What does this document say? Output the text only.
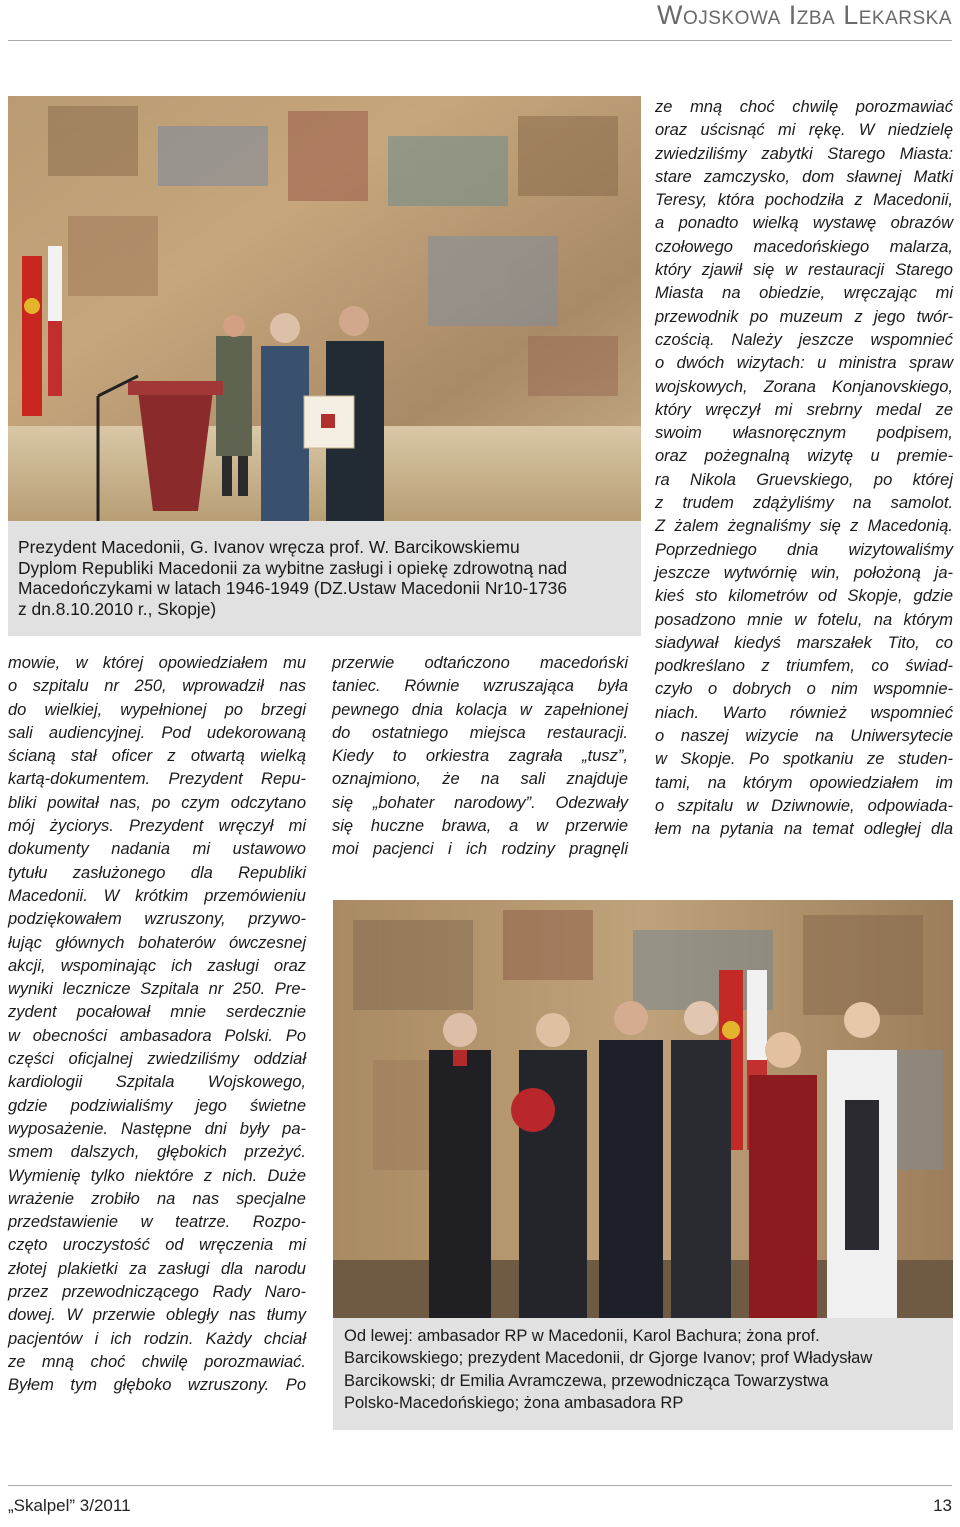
Wojskowa Izba Lekarska
Prezydent Macedonii, G. Ivanov wręcza prof. W. Barcikowskiemu
Dyplom Republiki Macedonii za wybitne zasługi i opiekę zdrowotną nad
Macedończykami w latach 1946-1949 (DZ.Ustaw Macedonii Nr10-1736
z dn.8.10.2010 r., Skopje)
mowie, w której opowiedziałem mu
o szpitalu nr 250, wprowadził nas
do wielkiej, wypełnionej po brzegi
sali audiencyjnej. Pod udekorowaną
ścianą stał oficer z otwartą wielką
kartą-dokumentem. Prezydent Repu-
bliki powitał nas, po czym odczytano
mój życiorys. Prezydent wręczył mi
dokumenty nadania mi ustawowo
tytułu zasłużonego dla Republiki
Macedonii. W krótkim przemówieniu
podziękowałem wzruszony, przywo-
łując głównych bohaterów ówczesnej
akcji, wspominając ich zasługi oraz
wyniki lecznicze Szpitala nr 250. Pre-
zydent pocałował mnie serdecznie
w obecności ambasadora Polski. Po
części oficjalnej zwiedziliśmy oddział
kardiologii Szpitala Wojskowego,
gdzie podziwialiśmy jego świetne
wyposażenie. Następne dni były pa-
smem dalszych, głębokich przeżyć.
Wymienię tylko niektóre z nich. Duże
wrażenie zrobiło na nas specjalne
przedstawienie w teatrze. Rozpo-
częto uroczystość od wręczenia mi
złotej plakietki za zasługi dla narodu
przez przewodniczącego Rady Naro-
dowej. W przerwie obległy nas tłumy
pacjentów i ich rodzin. Każdy chciał
ze mną choć chwilę porozmawiać.
Byłem tym głęboko wzruszony. Po
przerwie odtańczono macedoński
taniec. Równie wzruszająca była
pewnego dnia kolacja w zapełnionej
do ostatniego miejsca restauracji.
Kiedy to orkiestra zagrała „tusz”,
oznajmiono, że na sali znajduje
się „bohater narodowy”. Odezwały
się huczne brawa, a w przerwie
moi pacjenci i ich rodziny pragnęli
ze mną choć chwilę porozmawiać
oraz uścisnąć mi rękę. W niedzielę
zwiedziliśmy zabytki Starego Miasta:
stare zamczysko, dom sławnej Matki
Teresy, która pochodziła z Macedonii,
a ponadto wielką wystawę obrazów
czołowego macedońskiego malarza,
który zjawił się w restauracji Starego
Miasta na obiedzie, wręczając mi
przewodnik po muzeum z jego twór-
czością. Należy jeszcze wspomnieć
o dwóch wizytach: u ministra spraw
wojskowych, Zorana Konjanovskiego,
który wręczył mi srebrny medal ze
swoim własnoręcznym podpisem,
oraz pożegnalną wizytę u premie-
ra Nikola Gruevskiego, po której
z trudem zdążyliśmy na samolot.
Z żalem żegnaliśmy się z Macedonią.
Poprzedniego dnia wizytowaliśmy
jeszcze wytwórnię win, położoną ja-
kieś sto kilometrów od Skopje, gdzie
posadzono mnie w fotelu, na którym
siadywał kiedyś marszałek Tito, co
podkreślano z triumfem, co świad-
czyło o dobrych o nim wspomnie-
niach. Warto również wspomnieć
o naszej wizycie na Uniwersytecie
w Skopje. Po spotkaniu ze studen-
tami, na którym opowiedziałem im
o szpitalu w Dziwnowie, odpowiada-
łem na pytania na temat odległej dla
Od lewej: ambasador RP w Macedonii, Karol Bachura; żona prof.
Barcikowskiego; prezydent Macedonii, dr Gjorge Ivanov; prof Władysław
Barcikowski; dr Emilia Avramczewa, przewodnicząca Towarzystwa
Polsko-Macedońskiego; żona ambasadora RP
„Skalpel” 3/2011	13
